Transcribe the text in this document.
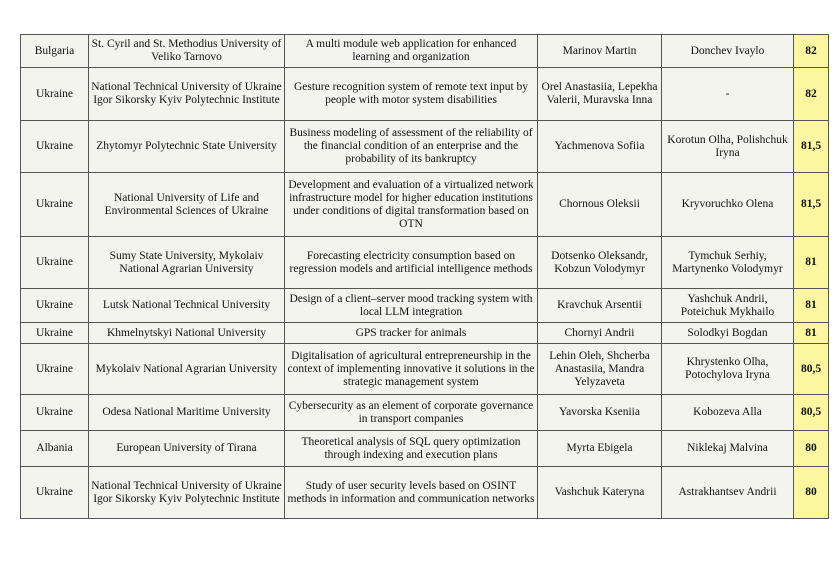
Bulgaria	St. Cyril and St. Methodius University of Veliko Tarnovo	A multi module web application for enhanced learning and organization	Marinov Martin	Donchev Ivaylo	82
Ukraine	National Technical University of Ukraine Igor Sikorsky Kyiv Polytechnic Institute	Gesture recognition system of remote text input by people with motor system disabilities	Orel Anastasiia, Lepekha Valerii, Muravska Inna	-	82
Ukraine	Zhytomyr Polytechnic State University	Business modeling of assessment of the reliability of the financial condition of an enterprise and the probability of its bankruptcy	Yachmenova Sofiia	Korotun Olha, Polishchuk Iryna	81,5
Ukraine	National University of Life and Environmental Sciences of Ukraine	Development and evaluation of a virtualized network infrastructure model for higher education institutions under conditions of digital transformation based on OTN	Chornous Oleksii	Kryvoruchko Olena	81,5
Ukraine	Sumy State University, Mykolaiv National Agrarian University	Forecasting electricity consumption based on regression models and artificial intelligence methods	Dotsenko Oleksandr, Kobzun Volodymyr	Tymchuk Serhiy, Martynenko Volodymyr	81
Ukraine	Lutsk National Technical University	Design of a client–server mood tracking system with local LLM integration	Kravchuk Arsentii	Yashchuk Andrii, Poteichuk Mykhailo	81
Ukraine	Khmelnytskyi National University	GPS tracker for animals	Chornyi Andrii	Solodkyi Bogdan	81
Ukraine	Mykolaiv National Agrarian University	Digitalisation of agricultural entrepreneurship in the context of implementing innovative it solutions in the strategic management system	Lehin Oleh, Shcherba Anastasiia, Mandra Yelyzaveta	Khrystenko Olha, Potochylova Iryna	80,5
Ukraine	Odesa National Maritime University	Cybersecurity as an element of corporate governance in transport companies	Yavorska Kseniia	Kobozeva Alla	80,5
Albania	European University of Tirana	Theoretical analysis of SQL query optimization through indexing and execution plans	Myrta Ebigela	Niklekaj Malvina	80
Ukraine	National Technical University of Ukraine Igor Sikorsky Kyiv Polytechnic Institute	Study of user security levels based on OSINT methods in information and communication networks	Vashchuk Kateryna	Astrakhantsev Andrii	80
